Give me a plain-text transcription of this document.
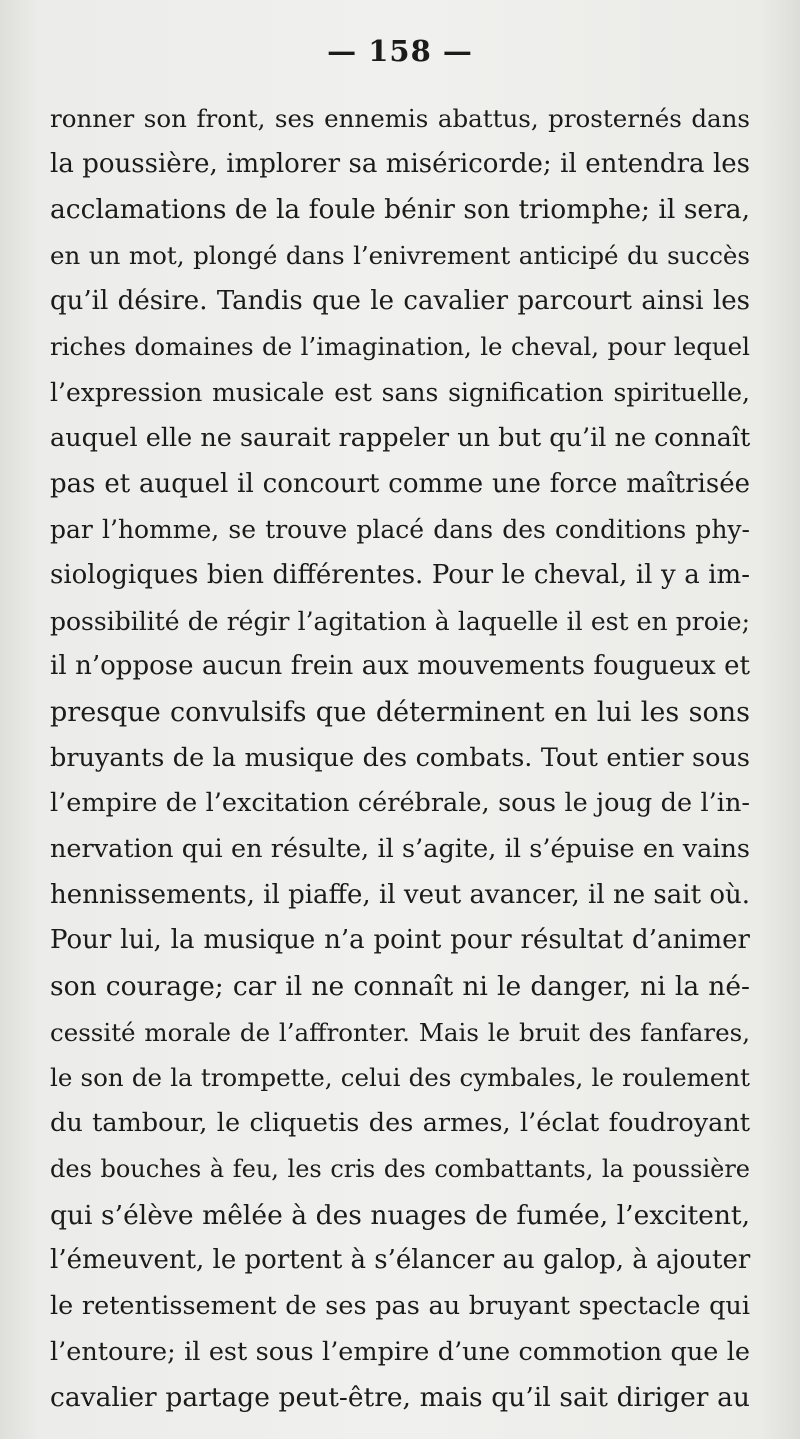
— 158 —
ronner son front, ses ennemis abattus, prosternés dans
la poussière, implorer sa miséricorde; il entendra les
acclamations de la foule bénir son triomphe; il sera,
en un mot, plongé dans l’enivrement anticipé du succès
qu’il désire. Tandis que le cavalier parcourt ainsi les
riches domaines de l’imagination, le cheval, pour lequel
l’expression musicale est sans signification spirituelle,
auquel elle ne saurait rappeler un but qu’il ne connaît
pas et auquel il concourt comme une force maîtrisée
par l’homme, se trouve placé dans des conditions phy-
siologiques bien différentes. Pour le cheval, il y a im-
possibilité de régir l’agitation à laquelle il est en proie;
il n’oppose aucun frein aux mouvements fougueux et
presque convulsifs que déterminent en lui les sons
bruyants de la musique des combats. Tout entier sous
l’empire de l’excitation cérébrale, sous le joug de l’in-
nervation qui en résulte, il s’agite, il s’épuise en vains
hennissements, il piaffe, il veut avancer, il ne sait où.
Pour lui, la musique n’a point pour résultat d’animer
son courage; car il ne connaît ni le danger, ni la né-
cessité morale de l’affronter. Mais le bruit des fanfares,
le son de la trompette, celui des cymbales, le roulement
du tambour, le cliquetis des armes, l’éclat foudroyant
des bouches à feu, les cris des combattants, la poussière
qui s’élève mêlée à des nuages de fumée, l’excitent,
l’émeuvent, le portent à s’élancer au galop, à ajouter
le retentissement de ses pas au bruyant spectacle qui
l’entoure; il est sous l’empire d’une commotion que le
cavalier partage peut-être, mais qu’il sait diriger au
